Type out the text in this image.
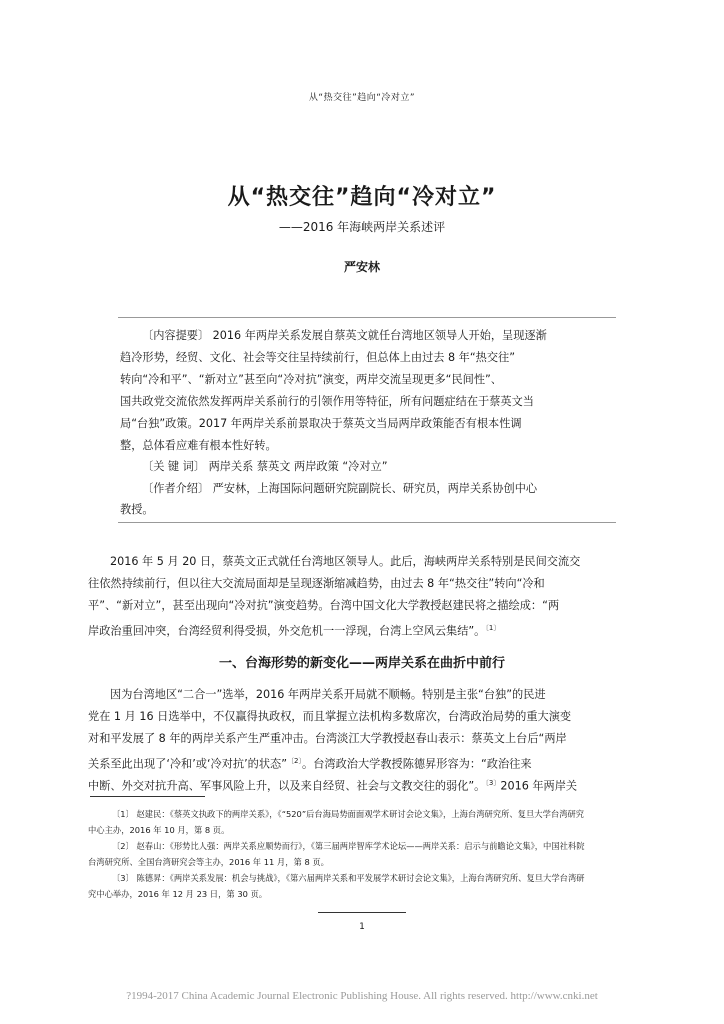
从“热交往”趋向“冷对立”
从“热交往”趋向“冷对立”
——2016 年海峡两岸关系述评
严安林
〔内容提要〕 2016 年两岸关系发展自蔡英文就任台湾地区领导人开始，呈现逐渐
趋冷形势，经贸、文化、社会等交往呈持续前行，但总体上由过去 8 年“热交往”
转向“冷和平”、“新对立”甚至向“冷对抗”演变，两岸交流呈现更多“民间性”、
国共政党交流依然发挥两岸关系前行的引领作用等特征，所有问题症结在于蔡英文当
局“台独”政策。2017 年两岸关系前景取决于蔡英文当局两岸政策能否有根本性调
整，总体看应难有根本性好转。
〔关 键 词〕 两岸关系 蔡英文 两岸政策 “冷对立”
〔作者介绍〕 严安林，上海国际问题研究院副院长、研究员，两岸关系协创中心
教授。
2016 年 5 月 20 日，蔡英文正式就任台湾地区领导人。此后，海峡两岸关系特别是民间交流交
往依然持续前行，但以往大交流局面却是呈现逐渐缩减趋势，由过去 8 年“热交往”转向“冷和
平”、“新对立”，甚至出现向“冷对抗”演变趋势。台湾中国文化大学教授赵建民将之描绘成：“两
岸政治重回冲突，台湾经贸利得受损，外交危机一一浮现，台湾上空风云集结”。$^{〔1〕}$
一、台海形势的新变化——两岸关系在曲折中前行
因为台湾地区“二合一”选举，2016 年两岸关系开局就不顺畅。特别是主张“台独”的民进
党在 1 月 16 日选举中，不仅赢得执政权，而且掌握立法机构多数席次，台湾政治局势的重大演变
对和平发展了 8 年的两岸关系产生严重冲击。台湾淡江大学教授赵春山表示：蔡英文上台后“两岸
关系至此出现了‘冷和’或‘冷对抗’的状态”$^{〔2〕}$。台湾政治大学教授陈德昇形容为：“政治往来
中断、外交对抗升高、军事风险上升，以及来自经贸、社会与文教交往的弱化”。$^{〔3〕}$2016 年两岸关
〔1〕 赵建民：《蔡英文执政下的两岸关系》，《“520”后台海局势面面观学术研讨会论文集》，上海台湾研究所、复旦大学台湾研究
中心主办，2016 年 10 月，第 8 页。
〔2〕 赵春山：《形势比人强：两岸关系应顺势而行》，《第三届两岸智库学术论坛——两岸关系：启示与前瞻论文集》，中国社科院
台湾研究所、全国台湾研究会等主办，2016 年 11 月，第 8 页。
〔3〕 陈德昇：《两岸关系发展：机会与挑战》，《第六届两岸关系和平发展学术研讨会论文集》，上海台湾研究所、复旦大学台湾研
究中心举办，2016 年 12 月 23 日，第 30 页。
1
?1994-2017 China Academic Journal Electronic Publishing House. All rights reserved. http://www.cnki.net
